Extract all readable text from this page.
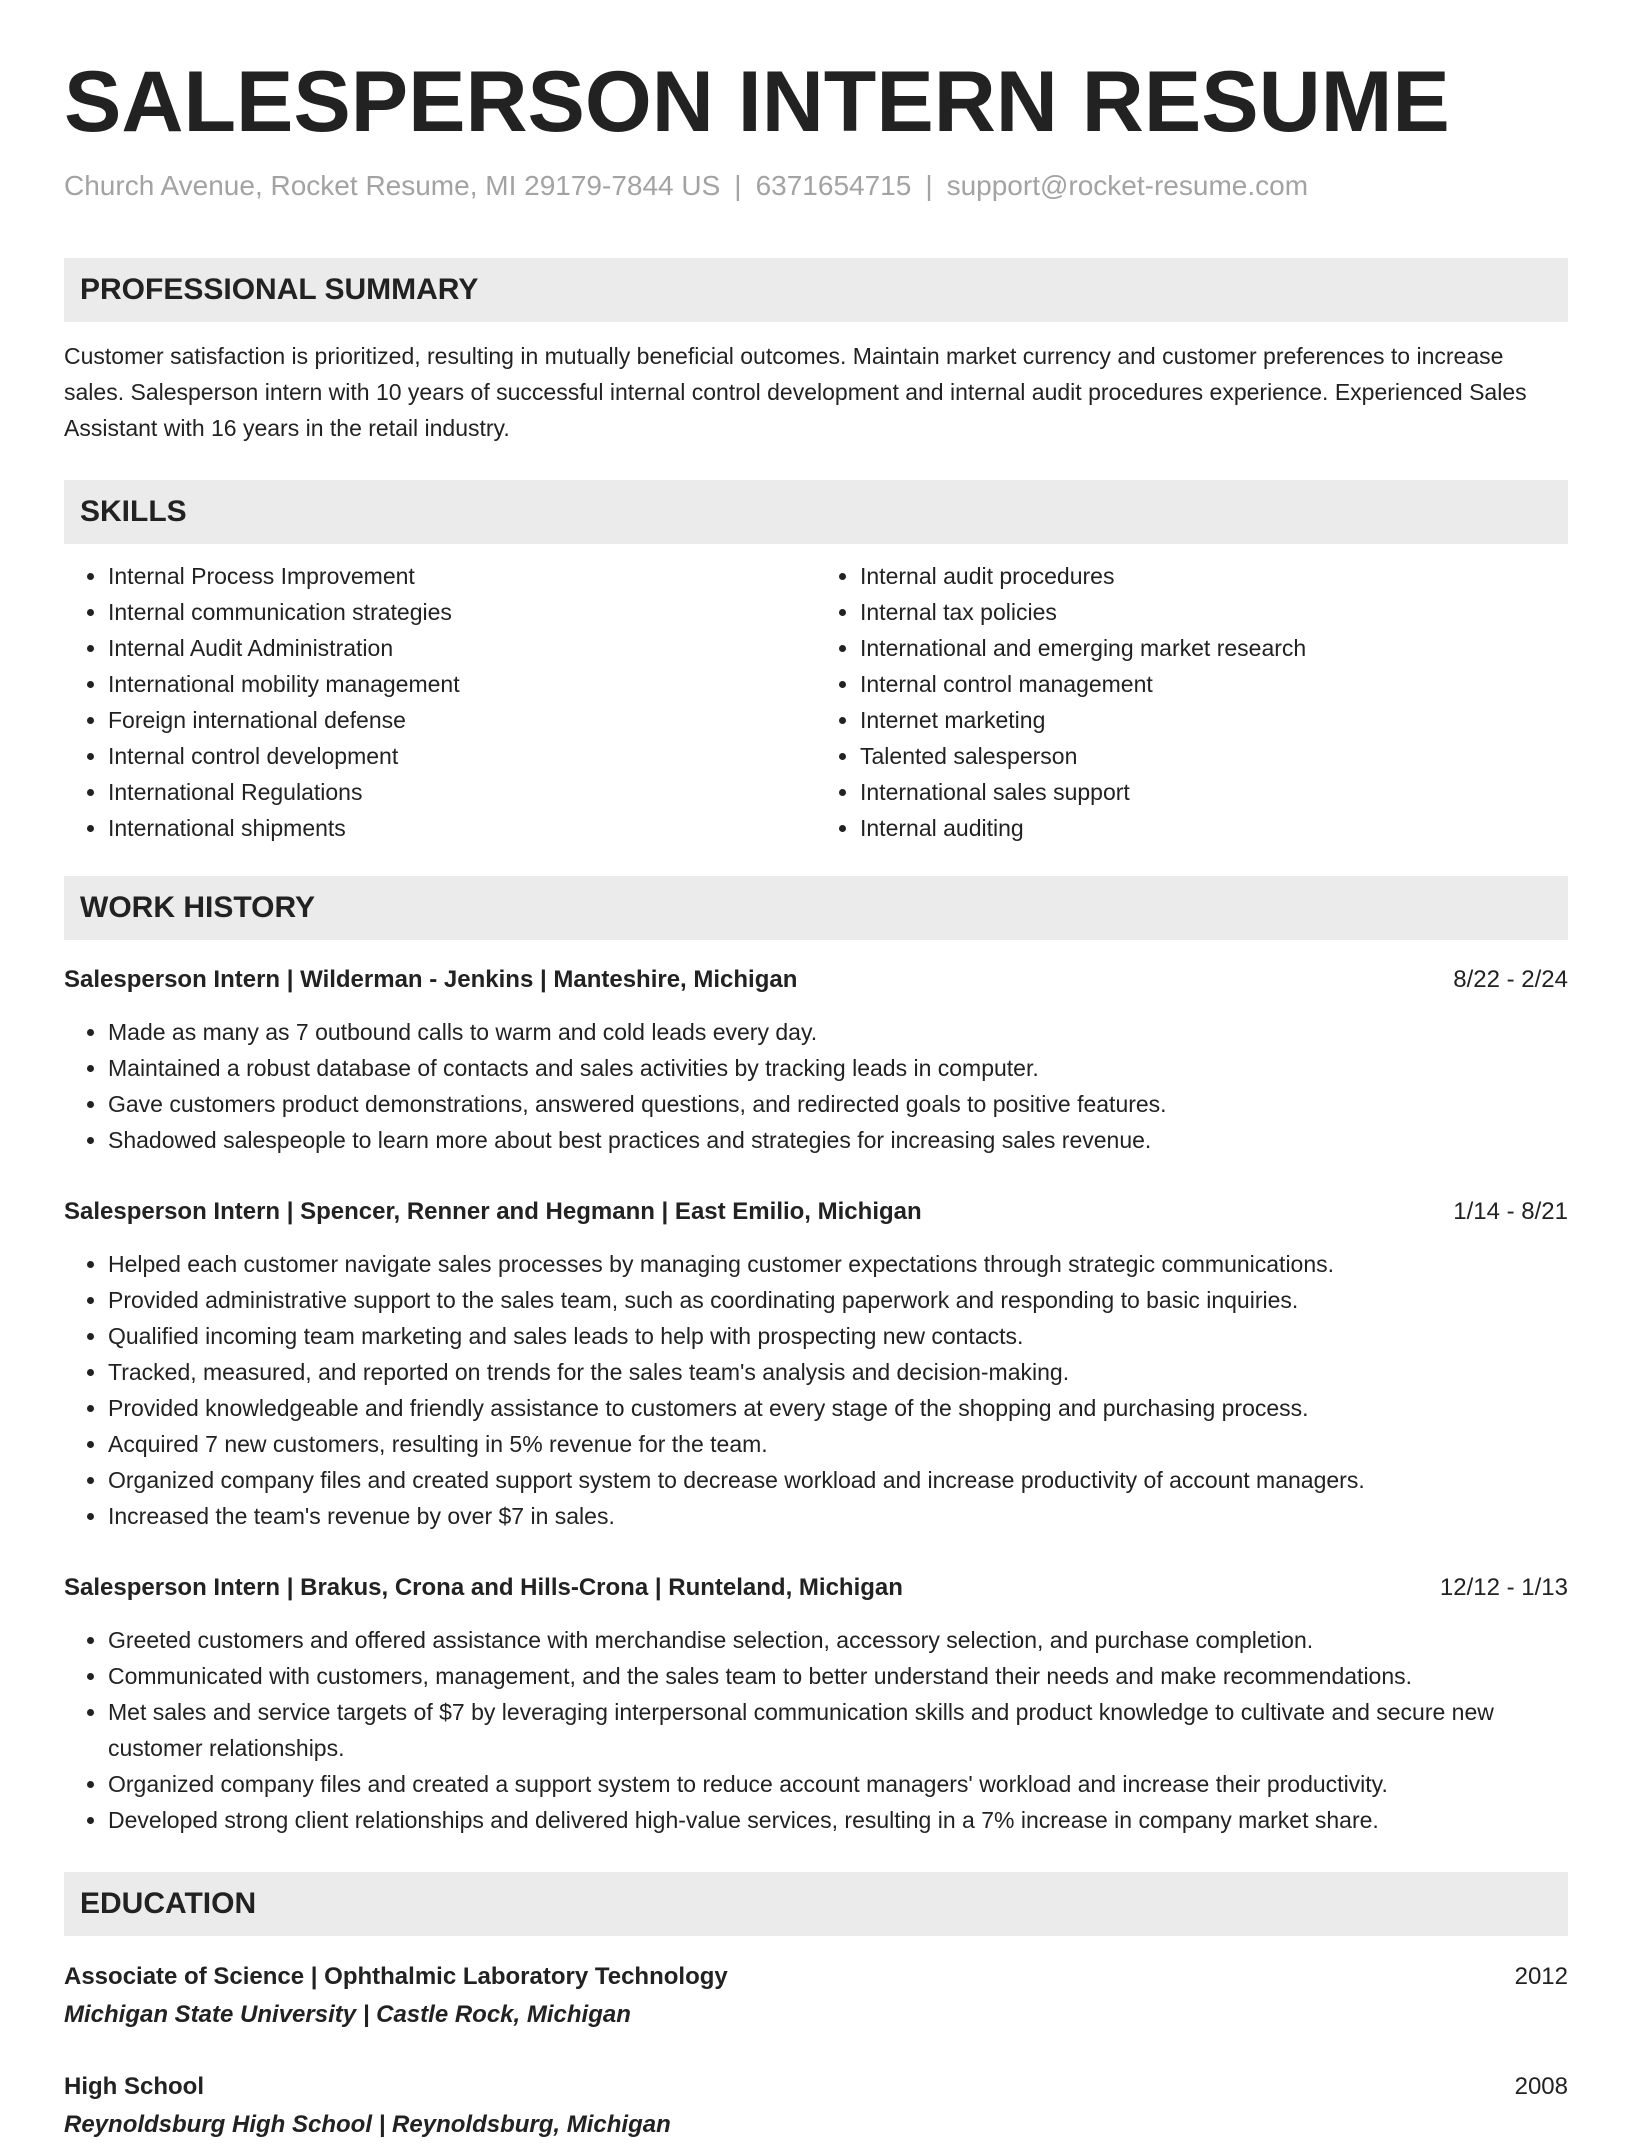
SALESPERSON INTERN RESUME
Church Avenue, Rocket Resume, MI 29179-7844 US | 6371654715 | support@rocket-resume.com
PROFESSIONAL SUMMARY
Customer satisfaction is prioritized, resulting in mutually beneficial outcomes. Maintain market currency and customer preferences to increase sales. Salesperson intern with 10 years of successful internal control development and internal audit procedures experience. Experienced Sales Assistant with 16 years in the retail industry.
SKILLS
• Internal Process Improvement
• Internal communication strategies
• Internal Audit Administration
• International mobility management
• Foreign international defense
• Internal control development
• International Regulations
• International shipments
• Internal audit procedures
• Internal tax policies
• International and emerging market research
• Internal control management
• Internet marketing
• Talented salesperson
• International sales support
• Internal auditing
WORK HISTORY
Salesperson Intern | Wilderman - Jenkins | Manteshire, Michigan	8/22 - 2/24
• Made as many as 7 outbound calls to warm and cold leads every day.
• Maintained a robust database of contacts and sales activities by tracking leads in computer.
• Gave customers product demonstrations, answered questions, and redirected goals to positive features.
• Shadowed salespeople to learn more about best practices and strategies for increasing sales revenue.
Salesperson Intern | Spencer, Renner and Hegmann | East Emilio, Michigan	1/14 - 8/21
• Helped each customer navigate sales processes by managing customer expectations through strategic communications.
• Provided administrative support to the sales team, such as coordinating paperwork and responding to basic inquiries.
• Qualified incoming team marketing and sales leads to help with prospecting new contacts.
• Tracked, measured, and reported on trends for the sales team's analysis and decision-making.
• Provided knowledgeable and friendly assistance to customers at every stage of the shopping and purchasing process.
• Acquired 7 new customers, resulting in 5% revenue for the team.
• Organized company files and created support system to decrease workload and increase productivity of account managers.
• Increased the team's revenue by over $7 in sales.
Salesperson Intern | Brakus, Crona and Hills-Crona | Runteland, Michigan	12/12 - 1/13
• Greeted customers and offered assistance with merchandise selection, accessory selection, and purchase completion.
• Communicated with customers, management, and the sales team to better understand their needs and make recommendations.
• Met sales and service targets of $7 by leveraging interpersonal communication skills and product knowledge to cultivate and secure new customer relationships.
• Organized company files and created a support system to reduce account managers' workload and increase their productivity.
• Developed strong client relationships and delivered high-value services, resulting in a 7% increase in company market share.
EDUCATION
Associate of Science | Ophthalmic Laboratory Technology	2012
Michigan State University | Castle Rock, Michigan
High School	2008
Reynoldsburg High School | Reynoldsburg, Michigan
